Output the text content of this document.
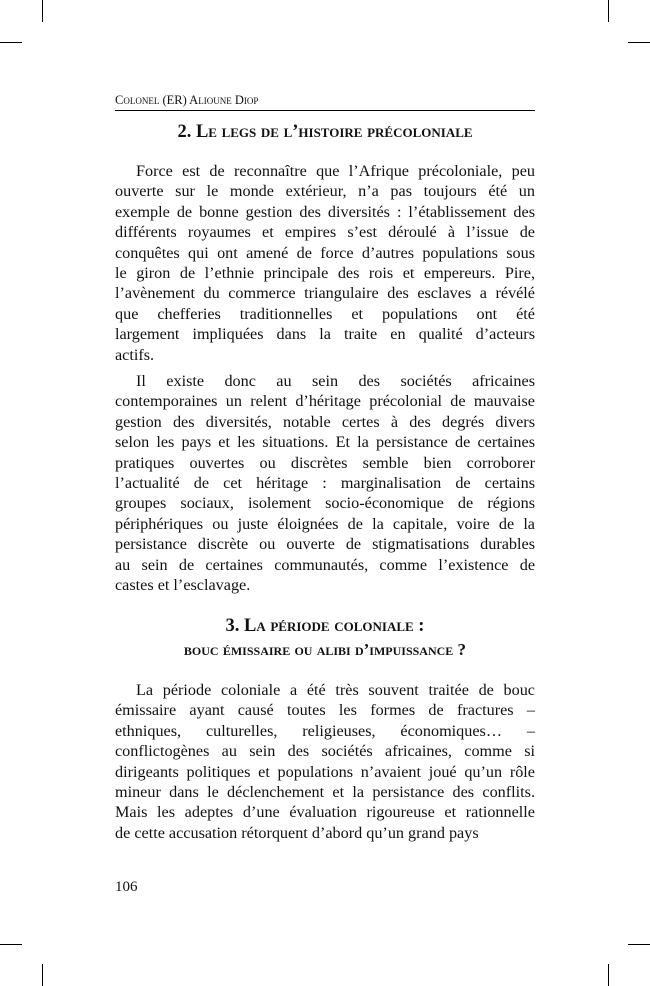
Colonel (ER) Alioune Diop
2. Le legs de l’histoire précoloniale
Force est de reconnaître que l’Afrique précoloniale, peu
ouverte sur le monde extérieur, n’a pas toujours été un
exemple de bonne gestion des diversités : l’établissement des
différents royaumes et empires s’est déroulé à l’issue de
conquêtes qui ont amené de force d’autres populations sous
le giron de l’ethnie principale des rois et empereurs. Pire,
l’avènement du commerce triangulaire des esclaves a révélé
que chefferies traditionnelles et populations ont été
largement impliquées dans la traite en qualité d’acteurs
actifs.
Il existe donc au sein des sociétés africaines
contemporaines un relent d’héritage précolonial de mauvaise
gestion des diversités, notable certes à des degrés divers
selon les pays et les situations. Et la persistance de certaines
pratiques ouvertes ou discrètes semble bien corroborer
l’actualité de cet héritage : marginalisation de certains
groupes sociaux, isolement socio-économique de régions
périphériques ou juste éloignées de la capitale, voire de la
persistance discrète ou ouverte de stigmatisations durables
au sein de certaines communautés, comme l’existence de
castes et l’esclavage.
3. La période coloniale :
bouc émissaire ou alibi d’impuissance ?
La période coloniale a été très souvent traitée de bouc
émissaire ayant causé toutes les formes de fractures –
ethniques, culturelles, religieuses, économiques… –
conflictogènes au sein des sociétés africaines, comme si
dirigeants politiques et populations n’avaient joué qu’un rôle
mineur dans le déclenchement et la persistance des conflits.
Mais les adeptes d’une évaluation rigoureuse et rationnelle
de cette accusation rétorquent d’abord qu’un grand pays
106
